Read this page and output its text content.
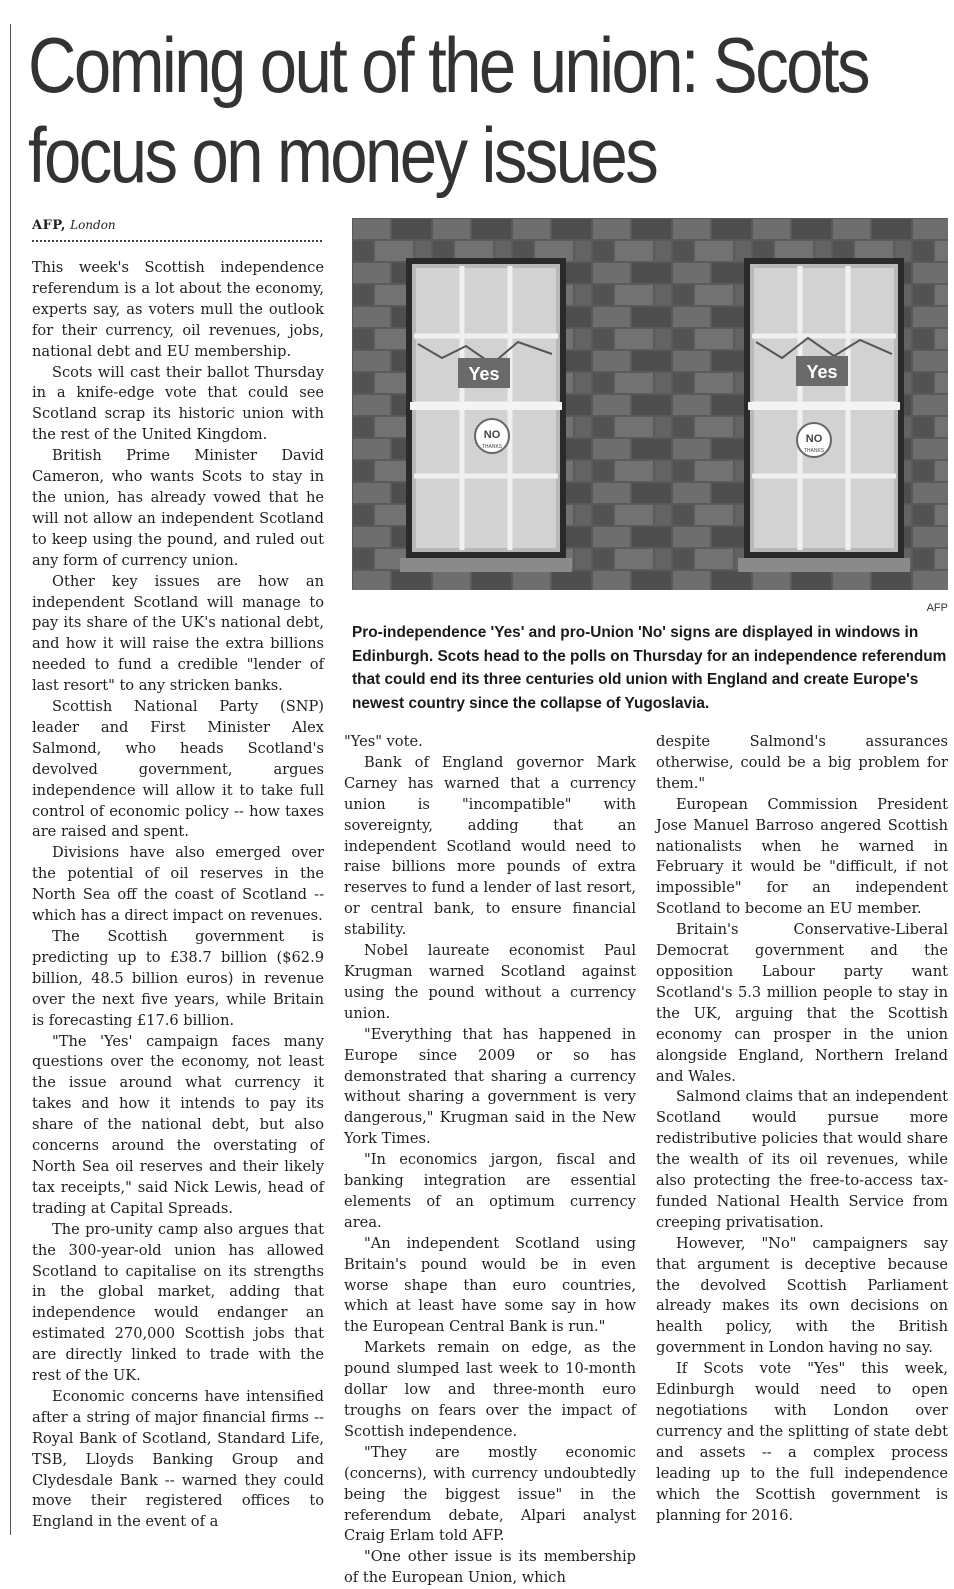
Coming out of the union: Scots
focus on money issues
AFP, London

This week's Scottish independence referendum is a lot about the economy, experts say, as voters mull the outlook for their currency, oil revenues, jobs, national debt and EU membership.

Scots will cast their ballot Thursday in a knife-edge vote that could see Scotland scrap its historic union with the rest of the United Kingdom.

British Prime Minister David Cameron, who wants Scots to stay in the union, has already vowed that he will not allow an independent Scotland to keep using the pound, and ruled out any form of currency union.

Other key issues are how an independent Scotland will manage to pay its share of the UK's national debt, and how it will raise the extra billions needed to fund a credible "lender of last resort" to any stricken banks.

Scottish National Party (SNP) leader and First Minister Alex Salmond, who heads Scotland's devolved government, argues independence will allow it to take full control of economic policy -- how taxes are raised and spent.

Divisions have also emerged over the potential of oil reserves in the North Sea off the coast of Scotland -- which has a direct impact on revenues.

The Scottish government is predicting up to £38.7 billion ($62.9 billion, 48.5 billion euros) in revenue over the next five years, while Britain is forecasting £17.6 billion.

"The 'Yes' campaign faces many questions over the economy, not least the issue around what currency it takes and how it intends to pay its share of the national debt, but also concerns around the overstating of North Sea oil reserves and their likely tax receipts," said Nick Lewis, head of trading at Capital Spreads.

The pro-unity camp also argues that the 300-year-old union has allowed Scotland to capitalise on its strengths in the global market, adding that independence would endanger an estimated 270,000 Scottish jobs that are directly linked to trade with the rest of the UK.

Economic concerns have intensified after a string of major financial firms -- Royal Bank of Scotland, Standard Life, TSB, Lloyds Banking Group and Clydesdale Bank -- warned they could move their registered offices to England in the event of a

Yes
NO
THANKS
Yes
NO
THANKS
AFP

Pro-independence 'Yes' and pro-Union 'No' signs are displayed in windows in Edinburgh. Scots head to the polls on Thursday for an independence referendum that could end its three centuries old union with England and create Europe's newest country since the collapse of Yugoslavia.

"Yes" vote.

Bank of England governor Mark Carney has warned that a currency union is "incompatible" with sovereignty, adding that an independent Scotland would need to raise billions more pounds of extra reserves to fund a lender of last resort, or central bank, to ensure financial stability.

Nobel laureate economist Paul Krugman warned Scotland against using the pound without a currency union.

"Everything that has happened in Europe since 2009 or so has demonstrated that sharing a currency without sharing a government is very dangerous," Krugman said in the New York Times.

"In economics jargon, fiscal and banking integration are essential elements of an optimum currency area.

"An independent Scotland using Britain's pound would be in even worse shape than euro countries, which at least have some say in how the European Central Bank is run."

Markets remain on edge, as the pound slumped last week to 10-month dollar low and three-month euro troughs on fears over the impact of Scottish independence.

"They are mostly economic (concerns), with currency undoubtedly being the biggest issue" in the referendum debate, Alpari analyst Craig Erlam told AFP.

"One other issue is its membership of the European Union, which

despite Salmond's assurances otherwise, could be a big problem for them."

European Commission President Jose Manuel Barroso angered Scottish nationalists when he warned in February it would be "difficult, if not impossible" for an independent Scotland to become an EU member.

Britain's Conservative-Liberal Democrat government and the opposition Labour party want Scotland's 5.3 million people to stay in the UK, arguing that the Scottish economy can prosper in the union alongside England, Northern Ireland and Wales.

Salmond claims that an independent Scotland would pursue more redistributive policies that would share the wealth of its oil revenues, while also protecting the free-to-access tax-funded National Health Service from creeping privatisation.

However, "No" campaigners say that argument is deceptive because the devolved Scottish Parliament already makes its own decisions on health policy, with the British government in London having no say.

If Scots vote "Yes" this week, Edinburgh would need to open negotiations with London over currency and the splitting of state debt and assets -- a complex process leading up to the full independence which the Scottish government is planning for 2016.
